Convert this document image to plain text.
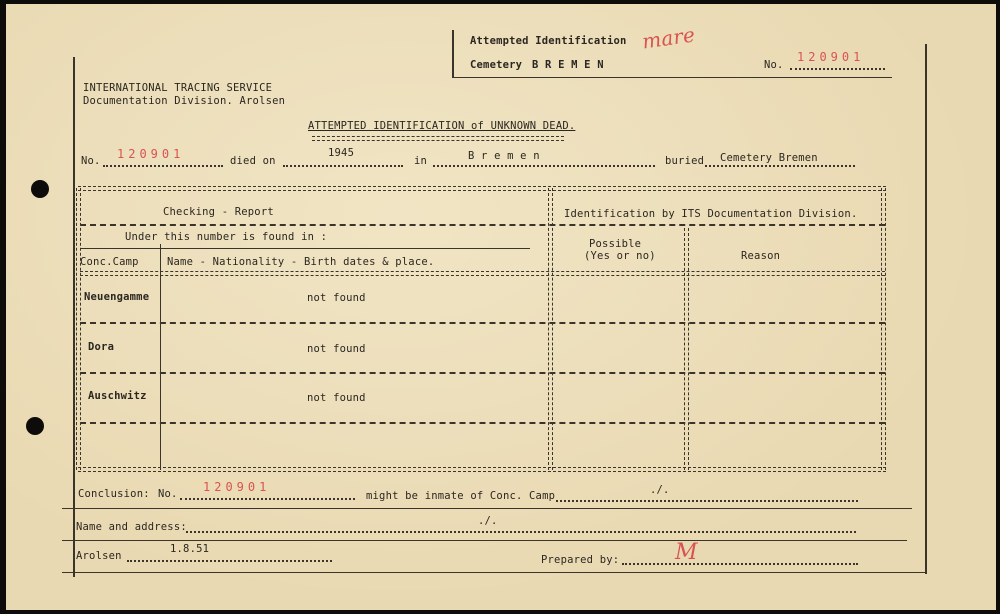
Attempted Identification mare
Cemetery B R E M E N	No.
120901
INTERNATIONAL TRACING SERVICE
Documentation Division. Arolsen
ATTEMPTED IDENTIFICATION of UNKNOWN DEAD.
No. 120901	died on
1945
in	B r e m e n	buried Cemetery Bremen
Checking - Report	Identification by ITS Documentation Division.
Under this number is found in :
Possible
(Yes or no)	Reason
Conc.Camp	Name - Nationality - Birth dates & place.
Neuengamme	not found
Dora	not found
Auschwitz	not found
Conclusion: No. 120901
might be inmate of Conc. Camp	./.
Name and address:	./.
Arolsen
1.8.51
Prepared by:	M
